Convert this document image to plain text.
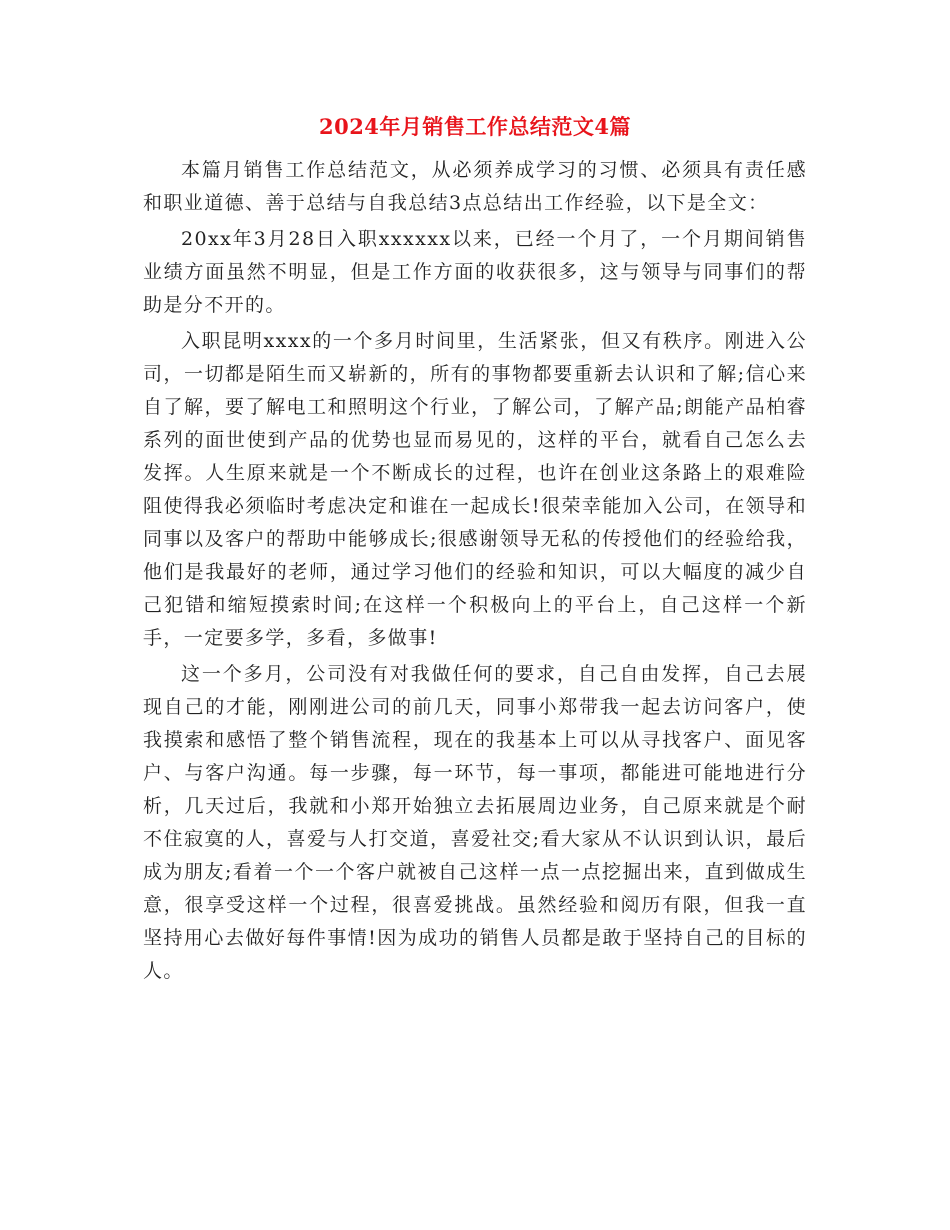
2024年月销售工作总结范文4篇

本篇月销售工作总结范文，从必须养成学习的习惯、必须具有责任感和职业道德、善于总结与自我总结3点总结出工作经验，以下是全文：

20xx年3月28日入职xxxxxx以来，已经一个月了，一个月期间销售业绩方面虽然不明显，但是工作方面的收获很多，这与领导与同事们的帮助是分不开的。

入职昆明xxxx的一个多月时间里，生活紧张，但又有秩序。刚进入公司，一切都是陌生而又崭新的，所有的事物都要重新去认识和了解;信心来自了解，要了解电工和照明这个行业，了解公司，了解产品;朗能产品柏睿系列的面世使到产品的优势也显而易见的，这样的平台，就看自己怎么去发挥。人生原来就是一个不断成长的过程，也许在创业这条路上的艰难险阻使得我必须临时考虑决定和谁在一起成长!很荣幸能加入公司，在领导和同事以及客户的帮助中能够成长;很感谢领导无私的传授他们的经验给我，他们是我最好的老师，通过学习他们的经验和知识，可以大幅度的减少自己犯错和缩短摸索时间;在这样一个积极向上的平台上，自己这样一个新手，一定要多学，多看，多做事!

这一个多月，公司没有对我做任何的要求，自己自由发挥，自己去展现自己的才能，刚刚进公司的前几天，同事小郑带我一起去访问客户，使我摸索和感悟了整个销售流程，现在的我基本上可以从寻找客户、面见客户、与客户沟通。每一步骤，每一环节，每一事项，都能进可能地进行分析，几天过后，我就和小郑开始独立去拓展周边业务，自己原来就是个耐不住寂寞的人，喜爱与人打交道，喜爱社交;看大家从不认识到认识，最后成为朋友;看着一个一个客户就被自己这样一点一点挖掘出来，直到做成生意，很享受这样一个过程，很喜爱挑战。虽然经验和阅历有限，但我一直坚持用心去做好每件事情!因为成功的销售人员都是敢于坚持自己的目标的人。
